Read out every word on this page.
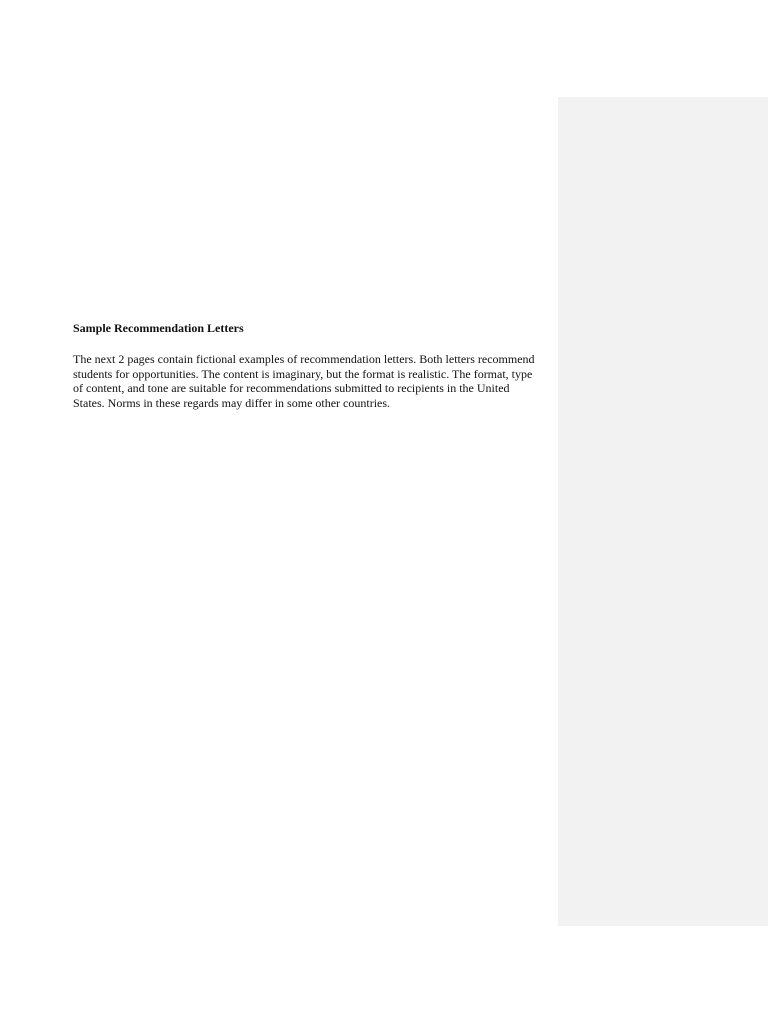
Sample Recommendation Letters

The next 2 pages contain fictional examples of recommendation letters. Both letters recommend
students for opportunities. The content is imaginary, but the format is realistic. The format, type
of content, and tone are suitable for recommendations submitted to recipients in the United
States. Norms in these regards may differ in some other countries.
